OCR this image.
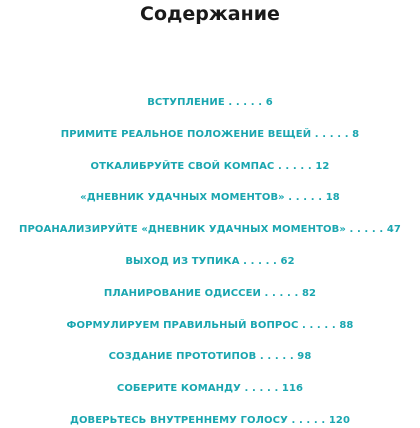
Содержание
ВСТУПЛЕНИЕ . . . . . 6
ПРИМИТЕ РЕАЛЬНОЕ ПОЛОЖЕНИЕ ВЕЩЕЙ . . . . . 8
ОТКАЛИБРУЙТЕ СВОЙ КОМПАС . . . . . 12
«ДНЕВНИК УДАЧНЫХ МОМЕНТОВ» . . . . . 18
ПРОАНАЛИЗИРУЙТЕ «ДНЕВНИК УДАЧНЫХ МОМЕНТОВ» . . . . . 47
ВЫХОД ИЗ ТУПИКА . . . . . 62
ПЛАНИРОВАНИЕ ОДИССЕИ . . . . . 82
ФОРМУЛИРУЕМ ПРАВИЛЬНЫЙ ВОПРОС . . . . . 88
СОЗДАНИЕ ПРОТОТИПОВ . . . . . 98
СОБЕРИТЕ КОМАНДУ . . . . . 116
ДОВЕРЬТЕСЬ ВНУТРЕННЕМУ ГОЛОСУ . . . . . 120
